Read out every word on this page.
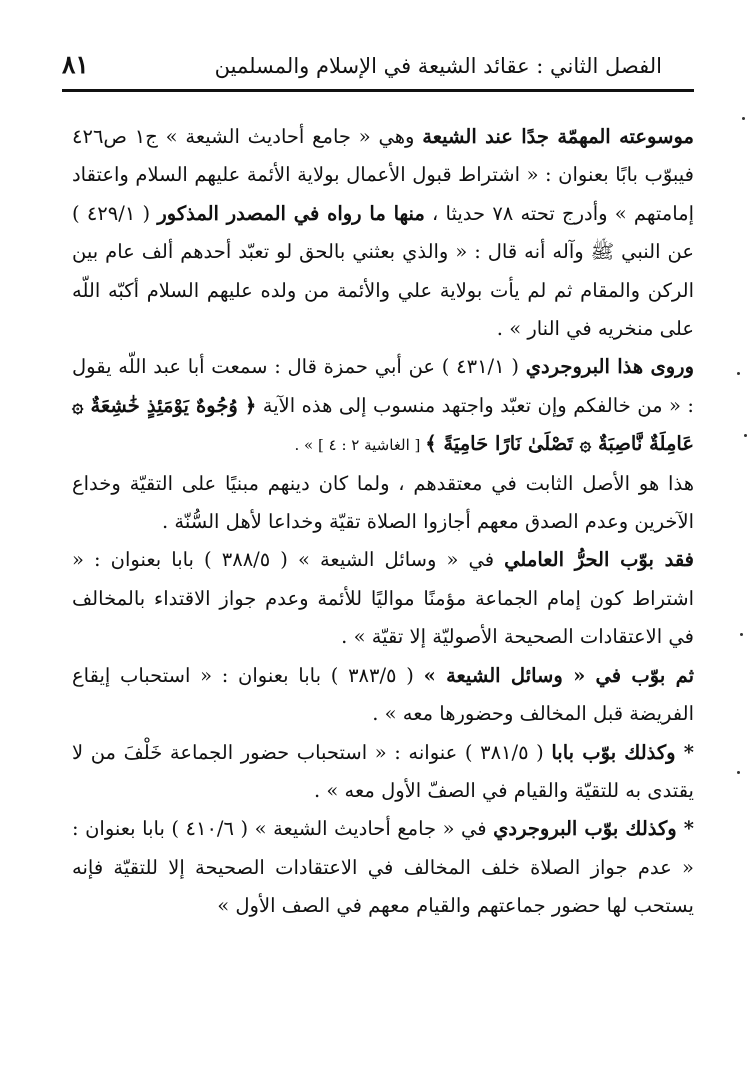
٨١	الفصل الثاني : عقائد الشيعة في الإسلام والمسلمين

موسوعته المهمّة جدًا عند الشيعة وهي « جامع أحاديث الشيعة » ج١ ص٤٢٦ فيبوّب بابًا بعنوان : « اشتراط قبول الأعمال بولاية الأئمة عليهم السلام واعتقاد إمامتهم » وأدرج تحته ٧٨ حديثا ، منها ما رواه في المصدر المذكور ( ٤٢٩/١ ) عن النبي ﷺ وآله أنه قال : « والذي بعثني بالحق لو تعبّد أحدهم ألف عام بين الركن والمقام ثم لم يأت بولاية علي والأئمة من ولده عليهم السلام أكبّه اللّه على منخريه في النار » .

وروى هذا البروجردي ( ٤٣١/١ ) عن أبي حمزة قال : سمعت أبا عبد اللّه يقول : « من خالفكم وإن تعبّد واجتهد منسوب إلى هذه الآية ﴿ وُجُوهٌ يَوْمَئِذٍ خَٰشِعَةٌ ۞ عَامِلَةٌ نَّاصِبَةٌ ۞ تَصْلَىٰ نَارًا حَامِيَةً ﴾ [ الغاشية ٢ : ٤ ] » .

هذا هو الأصل الثابت في معتقدهم ، ولما كان دينهم مبنيًا على التقيّة وخداع الآخرين وعدم الصدق معهم أجازوا الصلاة تقيّة وخداعا لأهل السُّنّة .

فقد بوّب الحرُّ العاملي في « وسائل الشيعة » ( ٣٨٨/٥ ) بابا بعنوان : « اشتراط كون إمام الجماعة مؤمنًا مواليًا للأئمة وعدم جواز الاقتداء بالمخالف في الاعتقادات الصحيحة الأصوليّة إلا تقيّة » .

ثم بوّب في « وسائل الشيعة » ( ٣٨٣/٥ ) بابا بعنوان : « استحباب إيقاع الفريضة قبل المخالف وحضورها معه » .

* وكذلك بوّب بابا ( ٣٨١/٥ ) عنوانه : « استحباب حضور الجماعة خَلْفَ من لا يقتدى به للتقيّة والقيام في الصفّ الأول معه » .

* وكذلك بوّب البروجردي في « جامع أحاديث الشيعة » ( ٤١٠/٦ ) بابا بعنوان : « عدم جواز الصلاة خلف المخالف في الاعتقادات الصحيحة إلا للتقيّة فإنه يستحب لها حضور جماعتهم والقيام معهم في الصف الأول »
